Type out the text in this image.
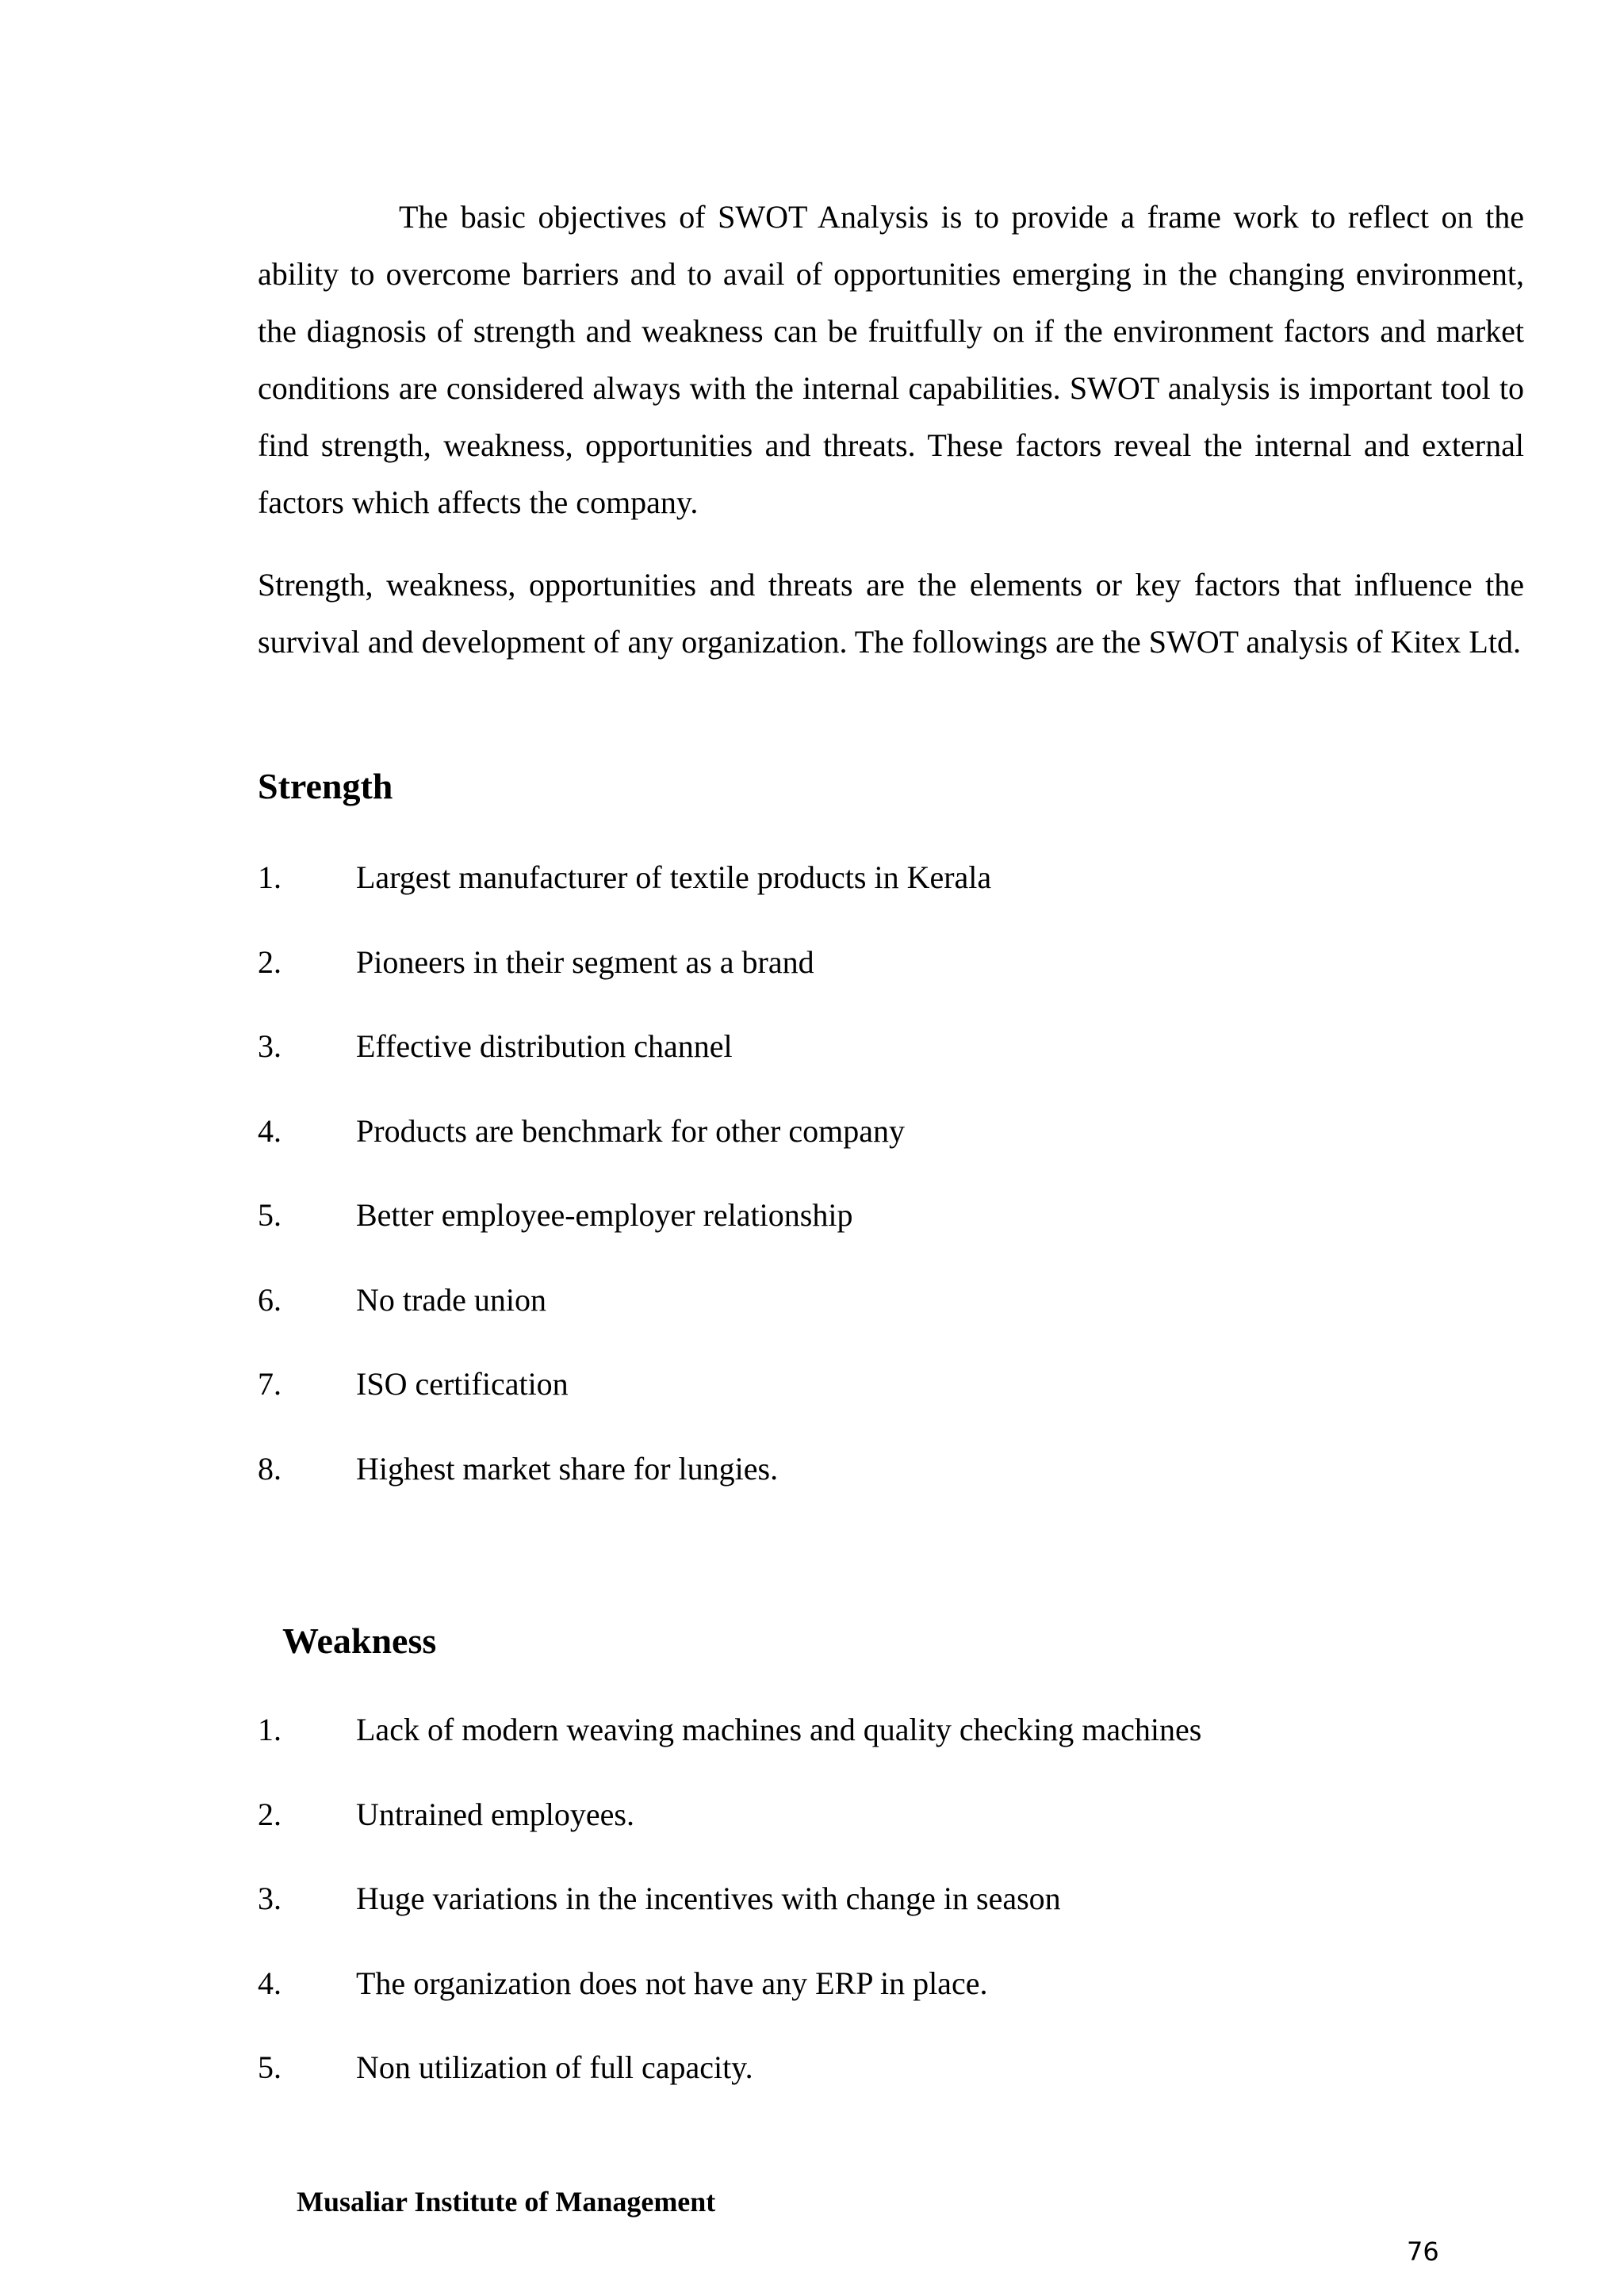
The basic objectives of SWOT Analysis is to provide a frame work to reflect on the ability to overcome barriers and to avail of opportunities emerging in the changing environment, the diagnosis of strength and weakness can be fruitfully on if the environment factors and market conditions are considered always with the internal capabilities. SWOT analysis is important tool to find strength, weakness, opportunities and threats. These factors reveal the internal and external factors which affects the company.

Strength, weakness, opportunities and threats are the elements or key factors that influence the survival and development of any organization. The followings are the SWOT analysis of Kitex Ltd.

Strength
1. Largest manufacturer of textile products in Kerala
2. Pioneers in their segment as a brand
3. Effective distribution channel
4. Products are benchmark for other company
5. Better employee-employer relationship
6. No trade union
7. ISO certification
8. Highest market share for lungies.
Weakness
1. Lack of modern weaving machines and quality checking machines
2. Untrained employees.
3. Huge variations in the incentives with change in season
4. The organization does not have any ERP in place.
5. Non utilization of full capacity.

Musaliar Institute of Management

76
